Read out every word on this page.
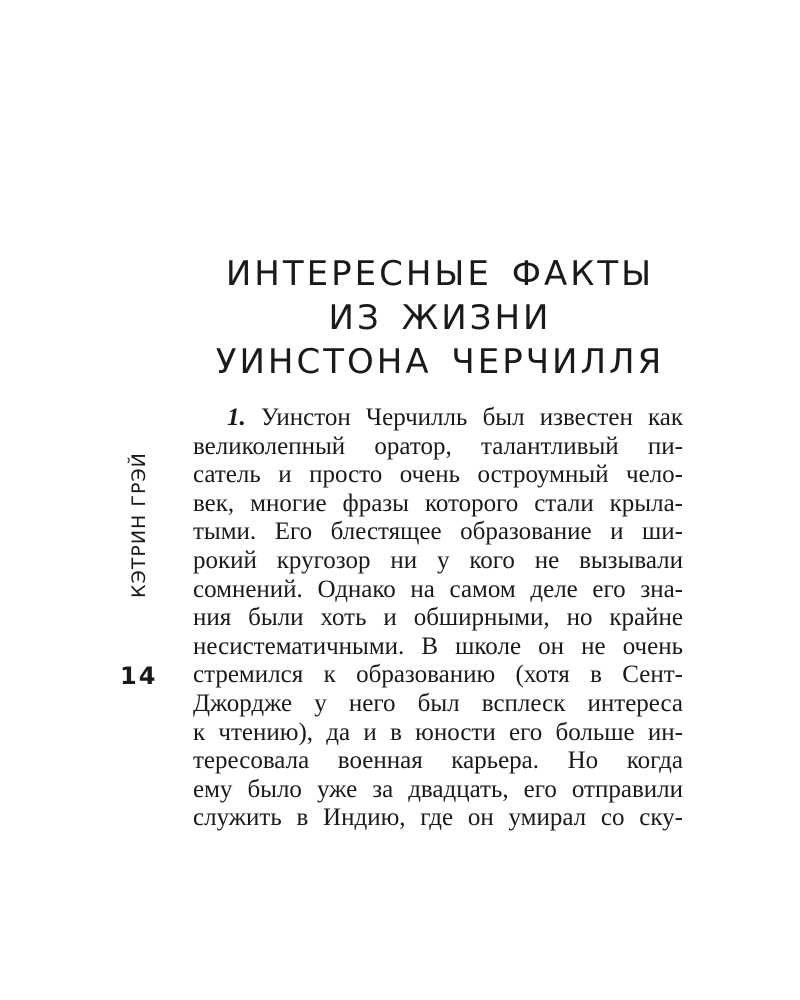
ИНТЕРЕСНЫЕ ФАКТЫ
ИЗ ЖИЗНИ
УИНСТОНА ЧЕРЧИЛЛЯ
КЭТРИН ГРЭЙ
14
1. Уинстон Черчилль был известен как
великолепный оратор, талантливый пи-
сатель и просто очень остроумный чело-
век, многие фразы которого стали крыла-
тыми. Его блестящее образование и ши-
рокий кругозор ни у кого не вызывали
сомнений. Однако на самом деле его зна-
ния были хоть и обширными, но крайне
несистематичными. В школе он не очень
стремился к образованию (хотя в Сент-
Джордже у него был всплеск интереса
к чтению), да и в юности его больше ин-
тересовала военная карьера. Но когда
ему было уже за двадцать, его отправили
служить в Индию, где он умирал со ску-
